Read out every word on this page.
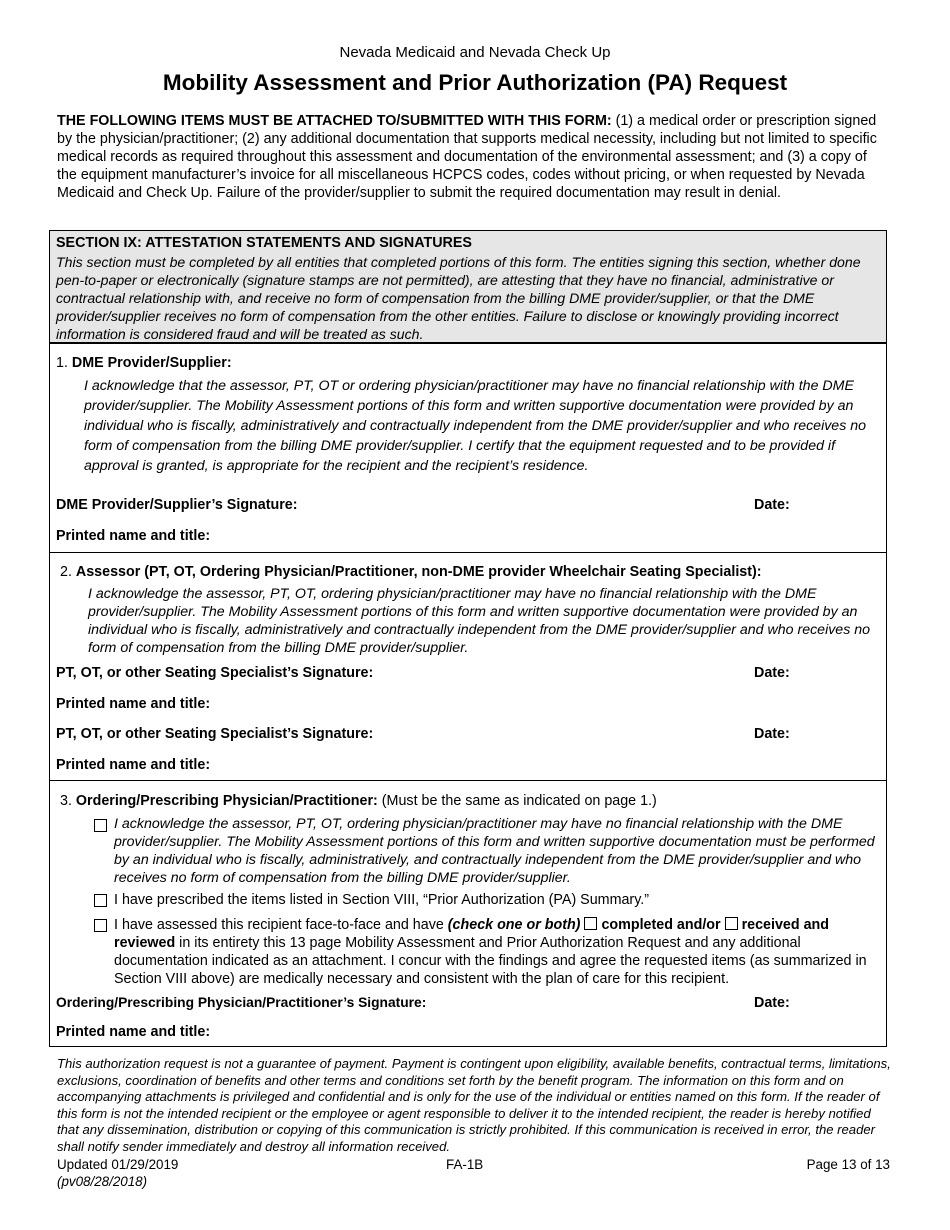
Nevada Medicaid and Nevada Check Up
Mobility Assessment and Prior Authorization (PA) Request
THE FOLLOWING ITEMS MUST BE ATTACHED TO/SUBMITTED WITH THIS FORM: (1) a medical order or prescription signed by the physician/practitioner; (2) any additional documentation that supports medical necessity, including but not limited to specific medical records as required throughout this assessment and documentation of the environmental assessment; and (3) a copy of the equipment manufacturer’s invoice for all miscellaneous HCPCS codes, codes without pricing, or when requested by Nevada Medicaid and Check Up. Failure of the provider/supplier to submit the required documentation may result in denial.
SECTION IX: ATTESTATION STATEMENTS AND SIGNATURES
This section must be completed by all entities that completed portions of this form. The entities signing this section, whether done pen-to-paper or electronically (signature stamps are not permitted), are attesting that they have no financial, administrative or contractual relationship with, and receive no form of compensation from the billing DME provider/supplier, or that the DME provider/supplier receives no form of compensation from the other entities. Failure to disclose or knowingly providing incorrect information is considered fraud and will be treated as such.
1. DME Provider/Supplier:
I acknowledge that the assessor, PT, OT or ordering physician/practitioner may have no financial relationship with the DME provider/supplier. The Mobility Assessment portions of this form and written supportive documentation were provided by an individual who is fiscally, administratively and contractually independent from the DME provider/supplier and who receives no form of compensation from the billing DME provider/supplier. I certify that the equipment requested and to be provided if approval is granted, is appropriate for the recipient and the recipient’s residence.
DME Provider/Supplier’s Signature:	Date:
Printed name and title:
2. Assessor (PT, OT, Ordering Physician/Practitioner, non-DME provider Wheelchair Seating Specialist):
I acknowledge the assessor, PT, OT, ordering physician/practitioner may have no financial relationship with the DME provider/supplier. The Mobility Assessment portions of this form and written supportive documentation were provided by an individual who is fiscally, administratively and contractually independent from the DME provider/supplier and who receives no form of compensation from the billing DME provider/supplier.
PT, OT, or other Seating Specialist’s Signature:	Date:
Printed name and title:
PT, OT, or other Seating Specialist’s Signature:	Date:
Printed name and title:
3. Ordering/Prescribing Physician/Practitioner: (Must be the same as indicated on page 1.)
I acknowledge the assessor, PT, OT, ordering physician/practitioner may have no financial relationship with the DME provider/supplier. The Mobility Assessment portions of this form and written supportive documentation must be performed by an individual who is fiscally, administratively, and contractually independent from the DME provider/supplier and who receives no form of compensation from the billing DME provider/supplier.
I have prescribed the items listed in Section VIII, “Prior Authorization (PA) Summary.”
I have assessed this recipient face-to-face and have (check one or both) completed and/or received and reviewed in its entirety this 13 page Mobility Assessment and Prior Authorization Request and any additional documentation indicated as an attachment. I concur with the findings and agree the requested items (as summarized in Section VIII above) are medically necessary and consistent with the plan of care for this recipient.
Ordering/Prescribing Physician/Practitioner’s Signature:	Date:
Printed name and title:
This authorization request is not a guarantee of payment. Payment is contingent upon eligibility, available benefits, contractual terms, limitations, exclusions, coordination of benefits and other terms and conditions set forth by the benefit program. The information on this form and on accompanying attachments is privileged and confidential and is only for the use of the individual or entities named on this form. If the reader of this form is not the intended recipient or the employee or agent responsible to deliver it to the intended recipient, the reader is hereby notified that any dissemination, distribution or copying of this communication is strictly prohibited. If this communication is received in error, the reader shall notify sender immediately and destroy all information received.
Updated 01/29/2019
(pv08/28/2018)
FA-1B	Page 13 of 13
